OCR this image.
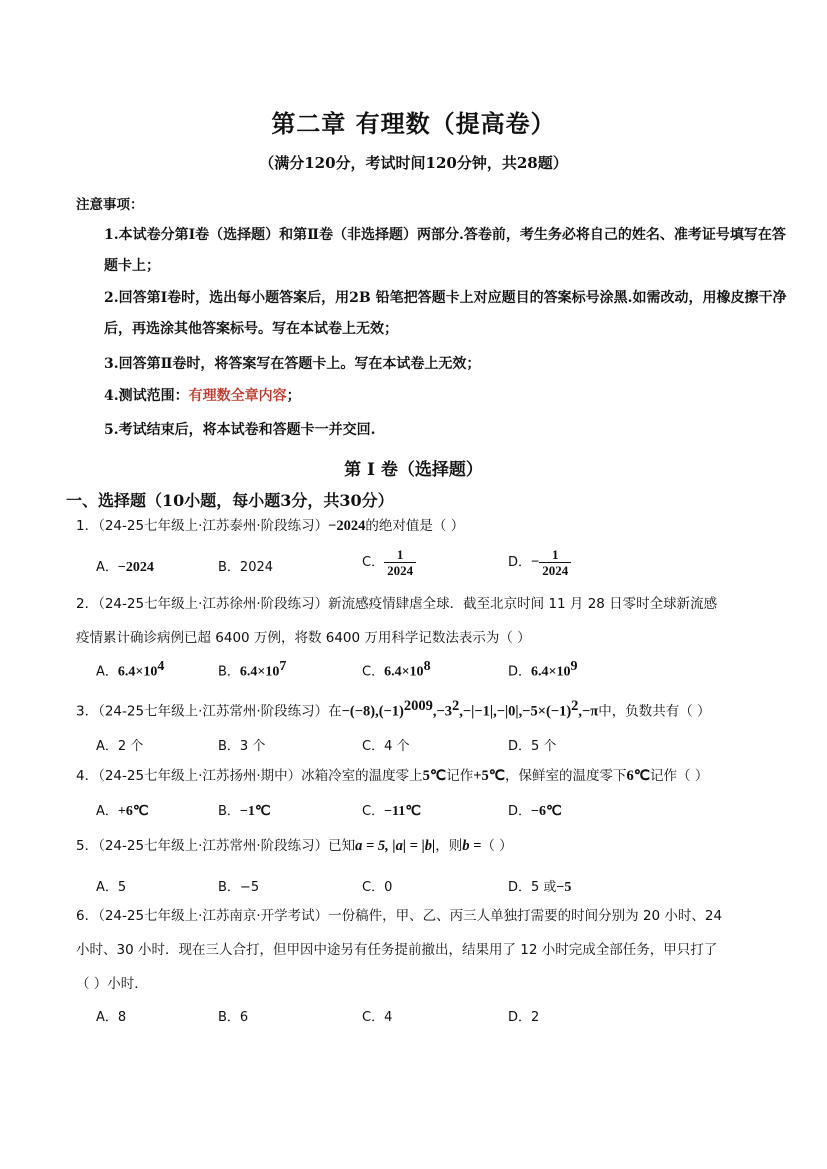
第二章 有理数（提高卷）
（满分120分，考试时间120分钟，共28题）
注意事项：
1.本试卷分第Ⅰ卷（选择题）和第Ⅱ卷（非选择题）两部分.答卷前，考生务必将自己的姓名、准考证号填写在答题卡上；
2.回答第Ⅰ卷时，选出每小题答案后，用2B 铅笔把答题卡上对应题目的答案标号涂黑.如需改动，用橡皮擦干净后，再选涂其他答案标号。写在本试卷上无效；
3.回答第Ⅱ卷时，将答案写在答题卡上。写在本试卷上无效；
4.测试范围：有理数全章内容；
5.考试结束后，将本试卷和答题卡一并交回.
第 I 卷（选择题）
一、选择题（10小题，每小题3分，共30分）
1．（24-25七年级上·江苏泰州·阶段练习）−2024的绝对值是（ ）
A．−2024	B．2024	C． $\frac{1}{2024}$	D．− $\frac{1}{2024}$
2．（24-25七年级上·江苏徐州·阶段练习）新流感疫情肆虐全球．截至北京时间 11 月 28 日零时全球新流感
疫情累计确诊病例已超 6400 万例，将数 6400 万用科学记数法表示为（ ）
A．$6.4\times 10^4$	B．$6.4\times 10^7$	C．$6.4\times 10^8$	D．$6.4\times 10^9$
3．（24-25七年级上·江苏常州·阶段练习）在$-(-8),(-1)^{2009},-3^2,-|-1|,-|0|,-5\times(-1)^2,-\pi$中，负数共有（ ）
A．2 个	B．3 个	C．4 个	D．5 个
4．（24-25七年级上·江苏扬州·期中）冰箱冷室的温度零上5℃记作+5℃，保鲜室的温度零下6℃记作（ ）
A．+6℃	B．−1℃	C．−11℃	D．−6℃
5．（24-25七年级上·江苏常州·阶段练习）已知a = 5, |a| = |b|，则b =（ ）
A．5	B．−5	C．0	D．5 或−5
6．（24-25七年级上·江苏南京·开学考试）一份稿件，甲、乙、丙三人单独打需要的时间分别为 20 小时、24
小时、30 小时．现在三人合打，但甲因中途另有任务提前撤出，结果用了 12 小时完成全部任务，甲只打了
（ ）小时．
A．8	B．6	C．4	D．2
